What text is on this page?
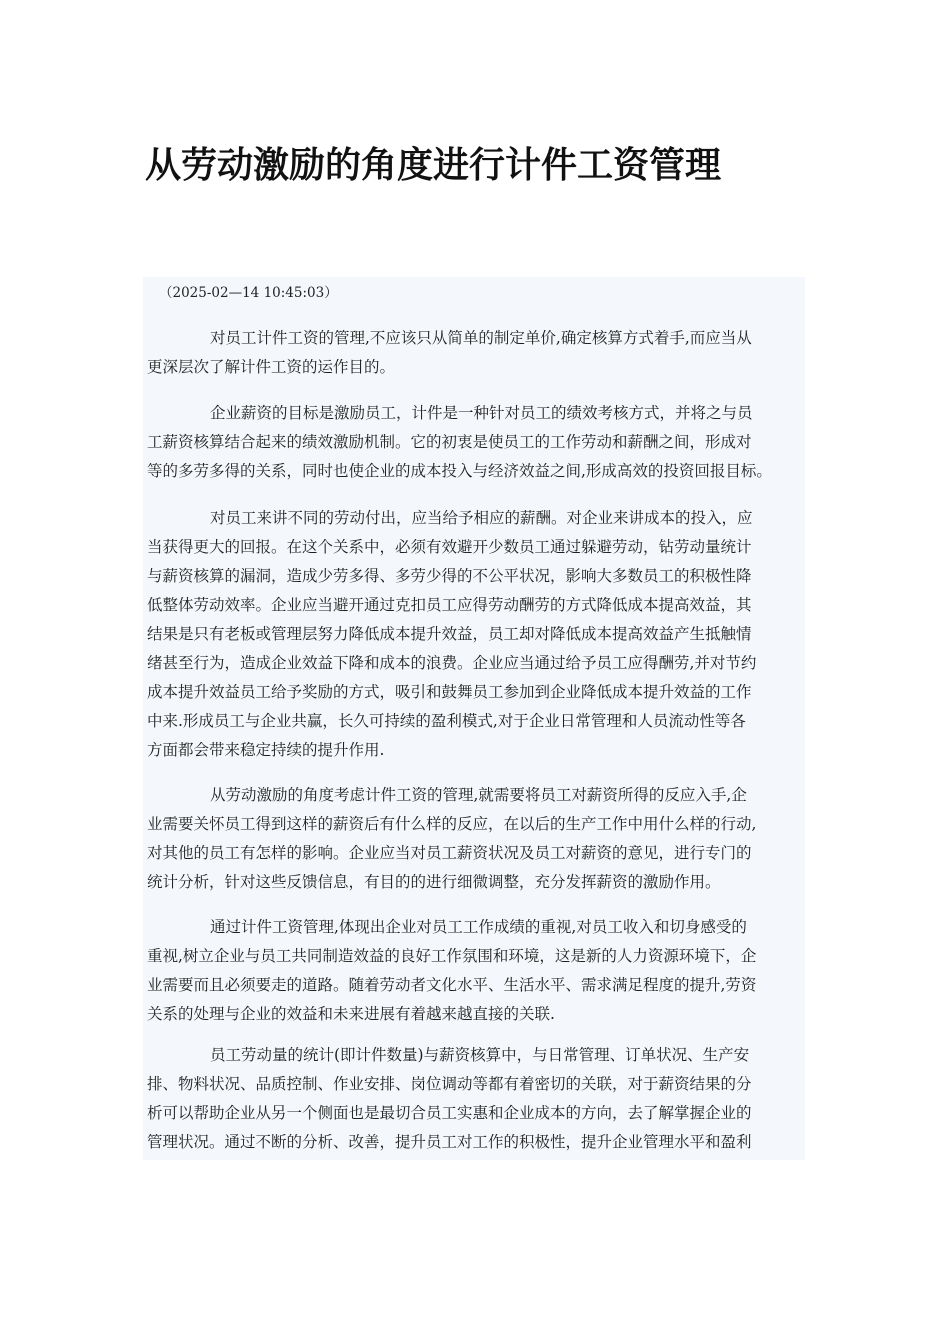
从劳动激励的角度进行计件工资管理
（2025-02—14 10:45:03）
对员工计件工资的管理,不应该只从简单的制定单价,确定核算方式着手,而应当从
更深层次了解计件工资的运作目的。
企业薪资的目标是激励员工，计件是一种针对员工的绩效考核方式，并将之与员
工薪资核算结合起来的绩效激励机制。它的初衷是使员工的工作劳动和薪酬之间，形成对
等的多劳多得的关系，同时也使企业的成本投入与经济效益之间,形成高效的投资回报目标。
对员工来讲不同的劳动付出，应当给予相应的薪酬。对企业来讲成本的投入，应
当获得更大的回报。在这个关系中，必须有效避开少数员工通过躲避劳动，钻劳动量统计
与薪资核算的漏洞，造成少劳多得、多劳少得的不公平状况，影响大多数员工的积极性降
低整体劳动效率。企业应当避开通过克扣员工应得劳动酬劳的方式降低成本提高效益，其
结果是只有老板或管理层努力降低成本提升效益，员工却对降低成本提高效益产生抵触情
绪甚至行为，造成企业效益下降和成本的浪费。企业应当通过给予员工应得酬劳,并对节约
成本提升效益员工给予奖励的方式，吸引和鼓舞员工参加到企业降低成本提升效益的工作
中来.形成员工与企业共赢，长久可持续的盈利模式,对于企业日常管理和人员流动性等各
方面都会带来稳定持续的提升作用.
从劳动激励的角度考虑计件工资的管理,就需要将员工对薪资所得的反应入手,企
业需要关怀员工得到这样的薪资后有什么样的反应，在以后的生产工作中用什么样的行动,
对其他的员工有怎样的影响。企业应当对员工薪资状况及员工对薪资的意见，进行专门的
统计分析，针对这些反馈信息，有目的的进行细微调整，充分发挥薪资的激励作用。
通过计件工资管理,体现出企业对员工工作成绩的重视,对员工收入和切身感受的
重视,树立企业与员工共同制造效益的良好工作氛围和环境，这是新的人力资源环境下，企
业需要而且必须要走的道路。随着劳动者文化水平、生活水平、需求满足程度的提升,劳资
关系的处理与企业的效益和未来进展有着越来越直接的关联.
员工劳动量的统计(即计件数量)与薪资核算中，与日常管理、订单状况、生产安
排、物料状况、品质控制、作业安排、岗位调动等都有着密切的关联，对于薪资结果的分
析可以帮助企业从另一个侧面也是最切合员工实惠和企业成本的方向，去了解掌握企业的
管理状况。通过不断的分析、改善，提升员工对工作的积极性，提升企业管理水平和盈利
